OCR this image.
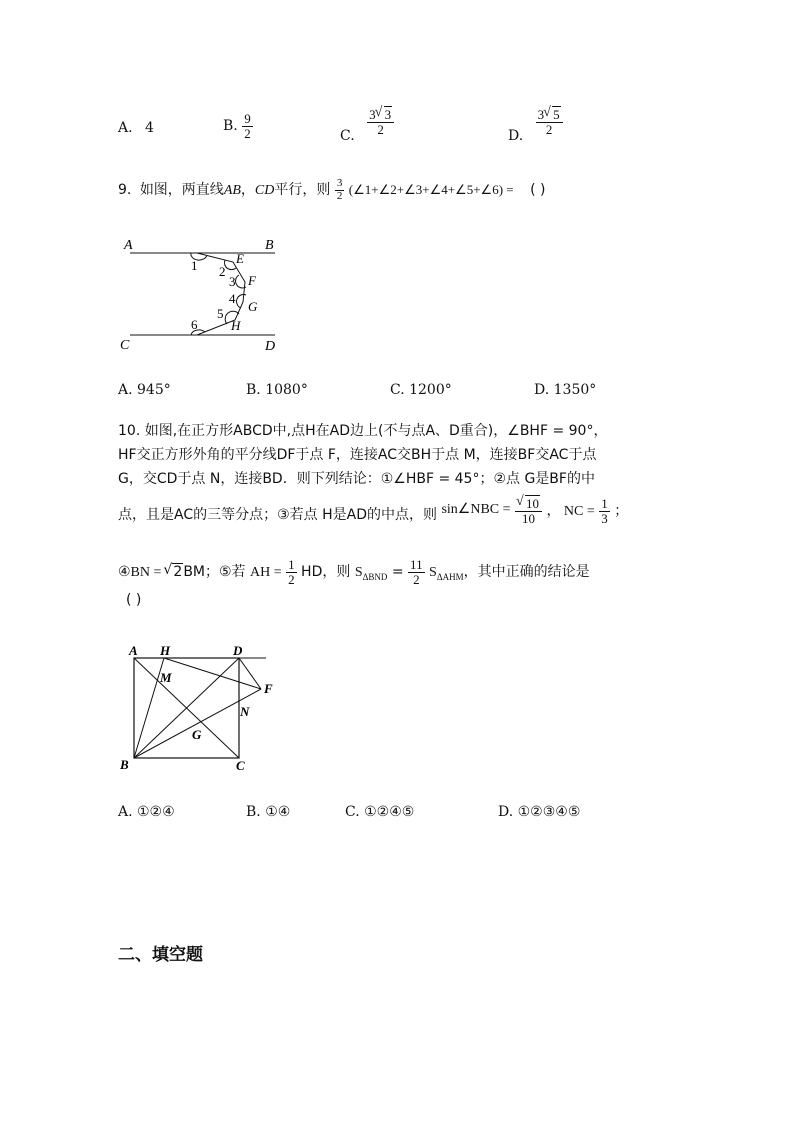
A. 4	B. $\frac{9}{2}$	C. $\frac{3 √ 3}{2}$	D. $\frac{3 √ 5}{2}$
9. 如图，两直线AB，CD平行，则 $\frac{3}{2}$ (∠1+∠2+∠3+∠4+∠5+∠6) = ( )
A	B
C	D
E
F
G
H
1 2
3
4
5
6
A. 945°	B. 1080°	C. 1200°	D. 1350°
10. 如图,在正方形ABCD中,点H在AD边上(不与点A、D重合)，∠BHF = 90°，
HF交正方形外角的平分线DF于点 F，连接AC交BH于点 M，连接BF交AC于点
G，交CD于点 N，连接BD．则下列结论：①∠HBF = 45°；②点 G是BF的中
点，且是AC的三等分点；③若点 H是AD的中点，则 sin∠NBC = √ $\frac{10}{10}$ ， NC = $\frac{1}{3}$ ；
④BN = √ 2BM；⑤若 AH = $\frac{1}{2}$ HD，则 $S_{\Delta BND} = \frac{11}{2} S_{\Delta AHM}$，其中正确的结论是
( )
A H	D
M
F
N
G
B	C
A. ①②④	B. ①④	C. ①②④⑤	D. ①②③④⑤
二、填空题
